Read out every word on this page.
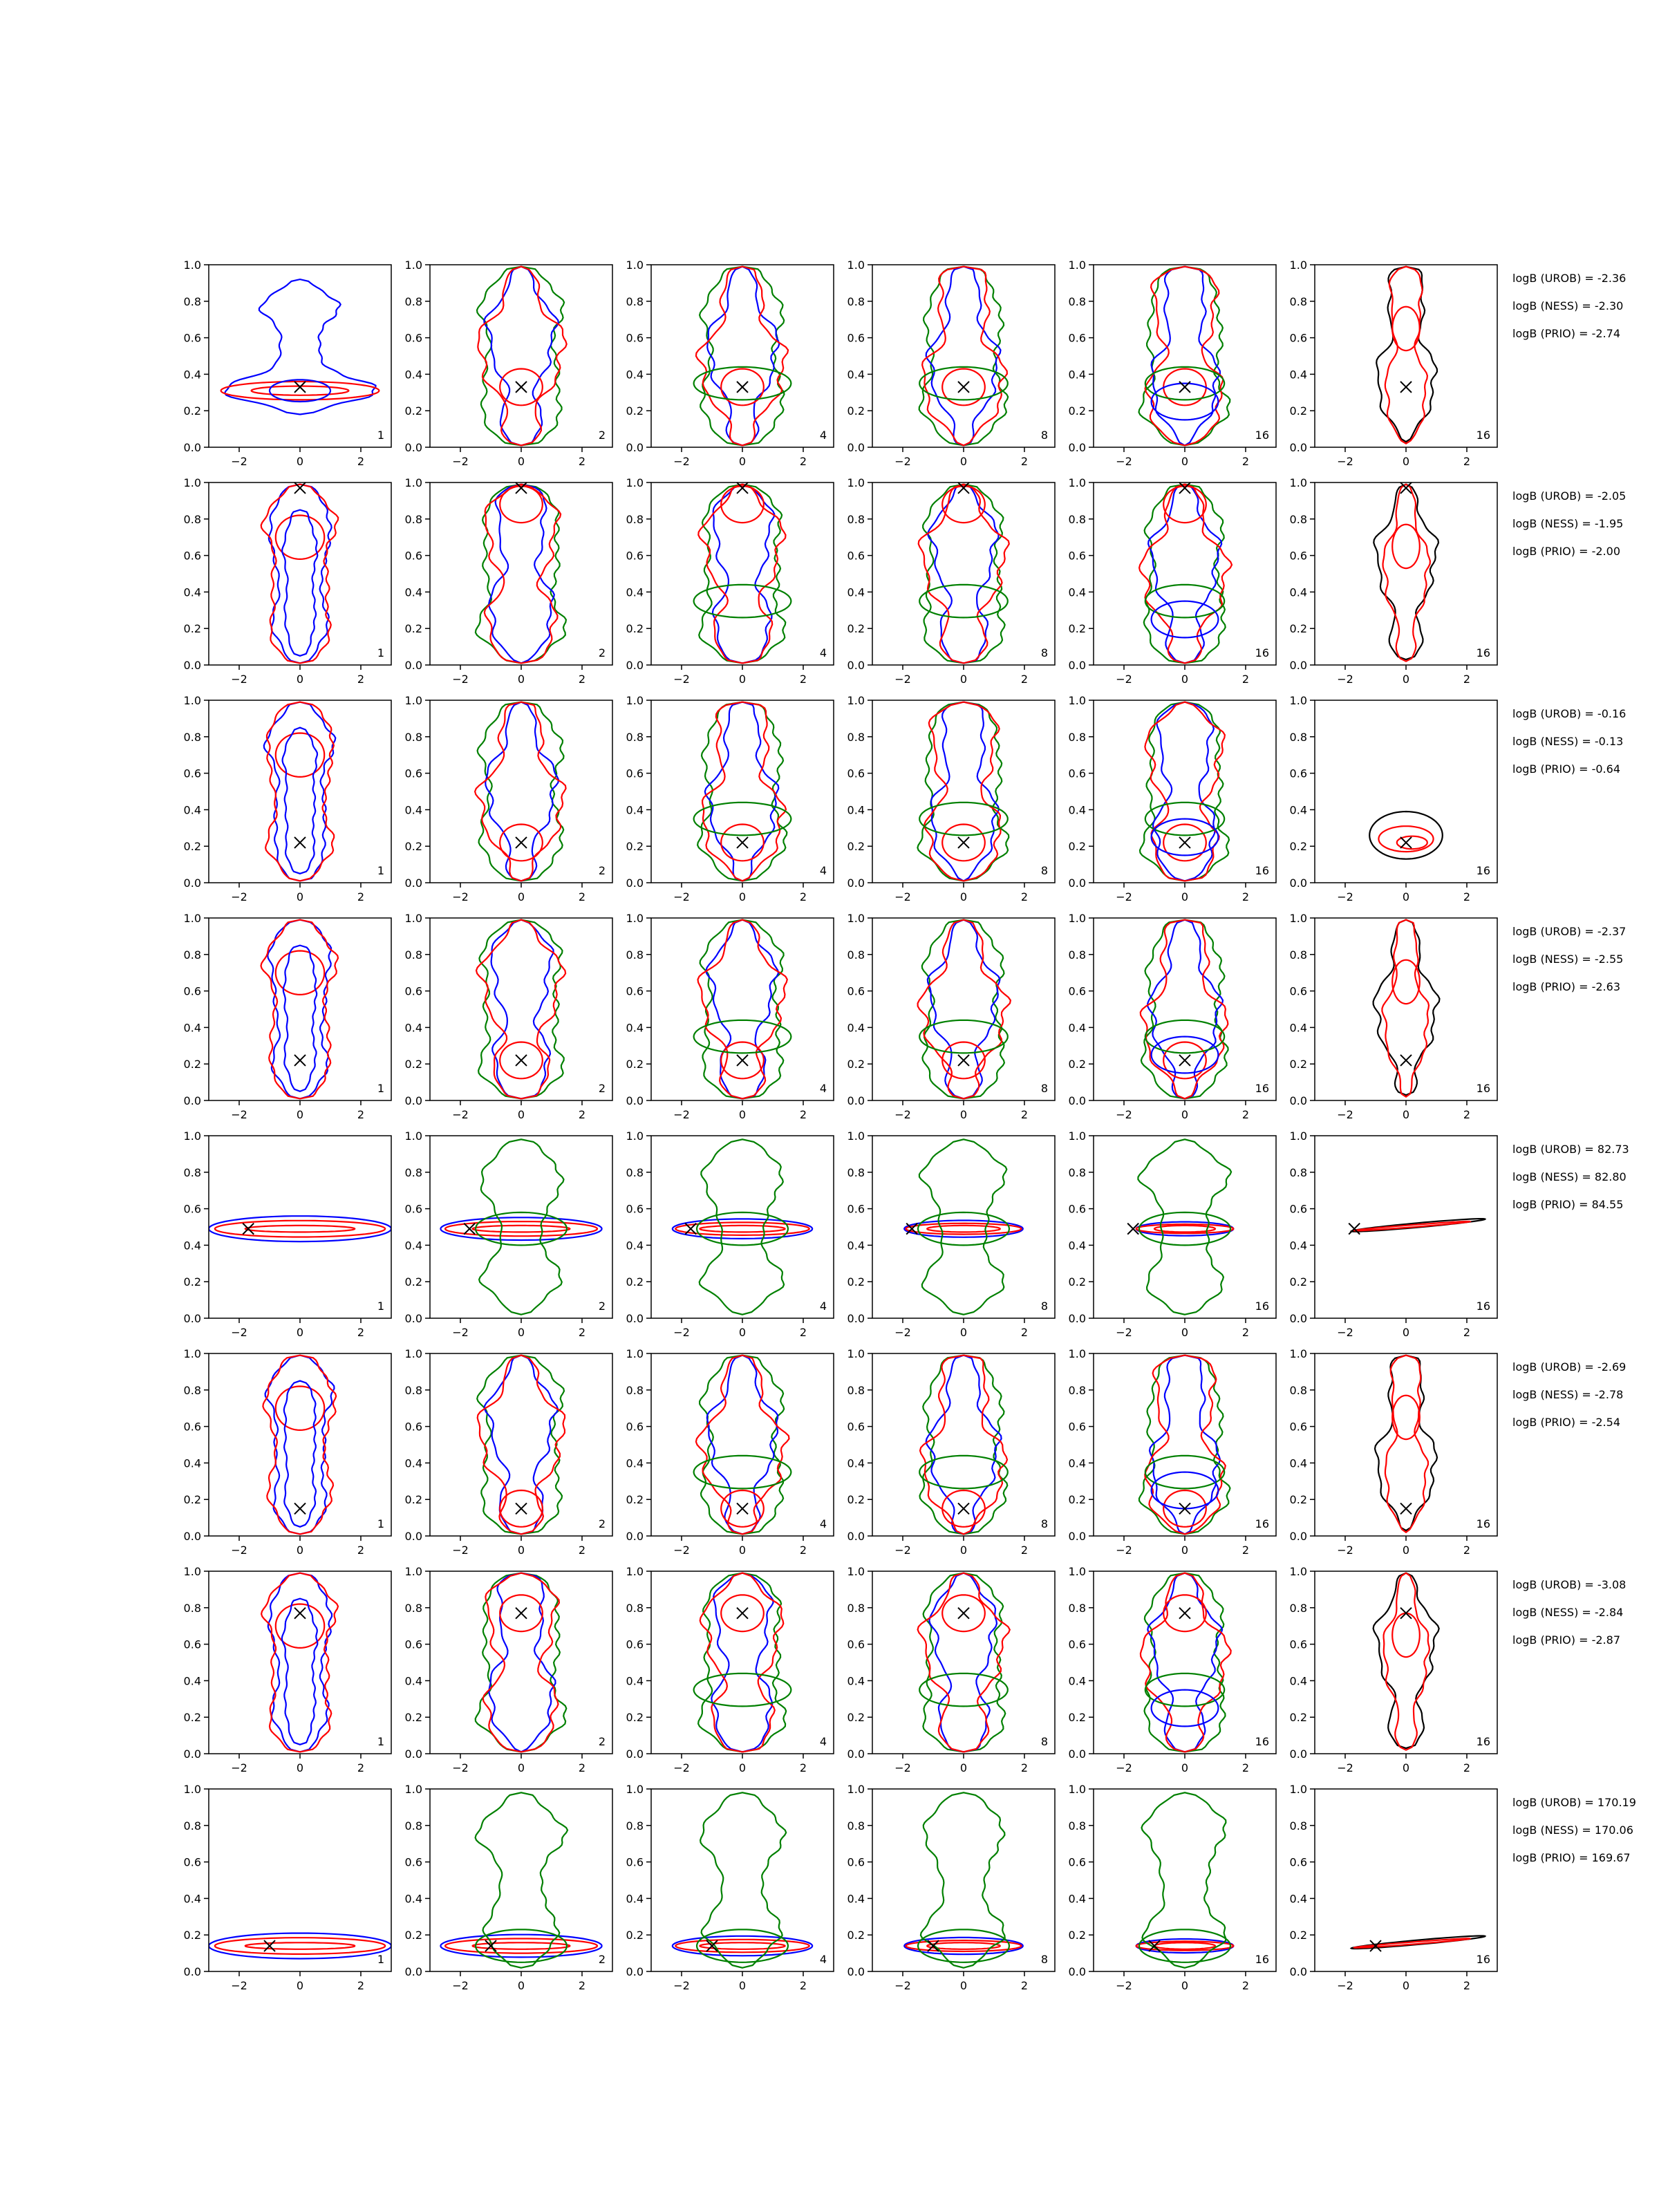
−2	0	2
0.0
0.2
0.4
0.6
0.8
1.0
1
−2	0	2
0.0
0.2
0.4
0.6
0.8
1.0
2
−2	0	2
0.0
0.2
0.4
0.6
0.8
1.0
4
−2	0	2
0.0
0.2
0.4
0.6
0.8
1.0
8
−2	0	2
0.0
0.2
0.4
0.6
0.8
1.0
16
−2	0	2
0.0
0.2
0.4
0.6
0.8
1.0
16
−2	0	2
0.0
0.2
0.4
0.6
0.8
1.0
1
−2	0	2
0.0
0.2
0.4
0.6
0.8
1.0
2
−2	0	2
0.0
0.2
0.4
0.6
0.8
1.0
4
−2	0	2
0.0
0.2
0.4
0.6
0.8
1.0
8
−2	0	2
0.0
0.2
0.4
0.6
0.8
1.0
16
−2	0	2
0.0
0.2
0.4
0.6
0.8
1.0
16
−2	0	2
0.0
0.2
0.4
0.6
0.8
1.0
1
−2	0	2
0.0
0.2
0.4
0.6
0.8
1.0
2
−2	0	2
0.0
0.2
0.4
0.6
0.8
1.0
4
−2	0	2
0.0
0.2
0.4
0.6
0.8
1.0
8
−2	0	2
0.0
0.2
0.4
0.6
0.8
1.0
16
−2	0	2
0.0
0.2
0.4
0.6
0.8
1.0
16
−2	0	2
0.0
0.2
0.4
0.6
0.8
1.0
1
−2	0	2
0.0
0.2
0.4
0.6
0.8
1.0
2
−2	0	2
0.0
0.2
0.4
0.6
0.8
1.0
4
−2	0	2
0.0
0.2
0.4
0.6
0.8
1.0
8
−2	0	2
0.0
0.2
0.4
0.6
0.8
1.0
16
−2	0	2
0.0
0.2
0.4
0.6
0.8
1.0
16
−2	0	2
0.0
0.2
0.4
0.6
0.8
1.0
1
−2	0	2
0.0
0.2
0.4
0.6
0.8
1.0
2
−2	0	2
0.0
0.2
0.4
0.6
0.8
1.0
4
−2	0	2
0.0
0.2
0.4
0.6
0.8
1.0
8
−2	0	2
0.0
0.2
0.4
0.6
0.8
1.0
16
−2	0	2
0.0
0.2
0.4
0.6
0.8
1.0
16
−2	0	2
0.0
0.2
0.4
0.6
0.8
1.0
1
−2	0	2
0.0
0.2
0.4
0.6
0.8
1.0
2
−2	0	2
0.0
0.2
0.4
0.6
0.8
1.0
4
−2	0	2
0.0
0.2
0.4
0.6
0.8
1.0
8
−2	0	2
0.0
0.2
0.4
0.6
0.8
1.0
16
−2	0	2
0.0
0.2
0.4
0.6
0.8
1.0
16
−2	0	2
0.0
0.2
0.4
0.6
0.8
1.0
1
−2	0	2
0.0
0.2
0.4
0.6
0.8
1.0
2
−2	0	2
0.0
0.2
0.4
0.6
0.8
1.0
4
−2	0	2
0.0
0.2
0.4
0.6
0.8
1.0
8
−2	0	2
0.0
0.2
0.4
0.6
0.8
1.0
16
−2	0	2
0.0
0.2
0.4
0.6
0.8
1.0
16
−2	0	2
0.0
0.2
0.4
0.6
0.8
1.0
1
−2	0	2
0.0
0.2
0.4
0.6
0.8
1.0
2
−2	0	2
0.0
0.2
0.4
0.6
0.8
1.0
4
−2	0	2
0.0
0.2
0.4
0.6
0.8
1.0
8
−2	0	2
0.0
0.2
0.4
0.6
0.8
1.0
16
−2	0	2
0.0
0.2
0.4
0.6
0.8
1.0
16
logB (UROB) = -2.36
logB (NESS) = -2.30
logB (PRIO) = -2.74
logB (UROB) = -2.05
logB (NESS) = -1.95
logB (PRIO) = -2.00
logB (UROB) = -0.16
logB (NESS) = -0.13
logB (PRIO) = -0.64
logB (UROB) = -2.37
logB (NESS) = -2.55
logB (PRIO) = -2.63
logB (UROB) = 82.73
logB (NESS) = 82.80
logB (PRIO) = 84.55
logB (UROB) = -2.69
logB (NESS) = -2.78
logB (PRIO) = -2.54
logB (UROB) = -3.08
logB (NESS) = -2.84
logB (PRIO) = -2.87
logB (UROB) = 170.19
logB (NESS) = 170.06
logB (PRIO) = 169.67
